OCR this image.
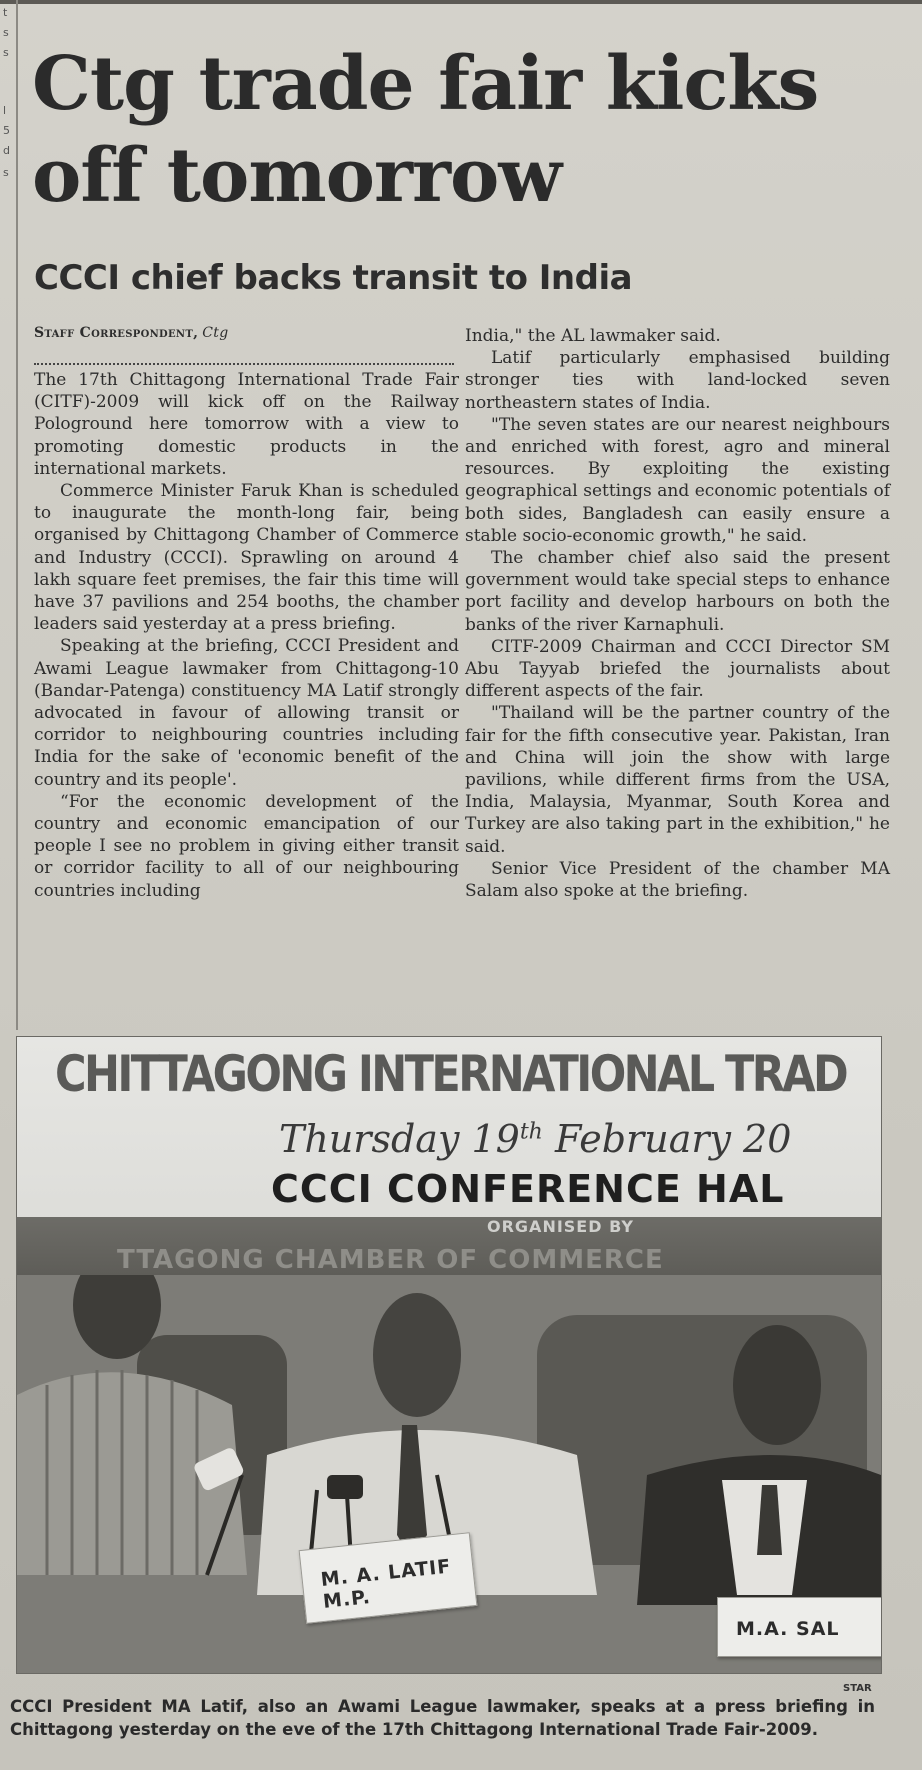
t
s
s
l
5
d
s
Ctg trade fair kicks off tomorrow
CCCI chief backs transit to India
Staff Correspondent, Ctg

The 17th Chittagong International Trade Fair (CITF)-2009 will kick off on the Railway Pologround here tomorrow with a view to promoting domestic products in the international markets.

Commerce Minister Faruk Khan is scheduled to inaugurate the month-long fair, being organised by Chittagong Chamber of Commerce and Industry (CCCI). Sprawling on around 4 lakh square feet premises, the fair this time will have 37 pavilions and 254 booths, the chamber leaders said yesterday at a press briefing.

Speaking at the briefing, CCCI President and Awami League lawmaker from Chittagong-10 (Bandar-Patenga) constituency MA Latif strongly advocated in favour of allowing transit or corridor to neighbouring countries including India for the sake of 'economic benefit of the country and its people'.

“For the economic development of the country and economic emancipation of our people I see no problem in giving either transit or corridor facility to all of our neighbouring countries including

India," the AL lawmaker said.

Latif particularly emphasised building stronger ties with land-locked seven northeastern states of India.

"The seven states are our nearest neighbours and enriched with forest, agro and mineral resources. By exploiting the existing geographical settings and economic potentials of both sides, Bangladesh can easily ensure a stable socio-economic growth," he said.

The chamber chief also said the present government would take special steps to enhance port facility and develop harbours on both the banks of the river Karnaphuli.

CITF-2009 Chairman and CCCI Director SM Abu Tayyab briefed the journalists about different aspects of the fair.

"Thailand will be the partner country of the fair for the fifth consecutive year. Pakistan, Iran and China will join the show with large pavilions, while different firms from the USA, India, Malaysia, Myanmar, South Korea and Turkey are also taking part in the exhibition," he said.

Senior Vice President of the chamber MA Salam also spoke at the briefing.

CHITTAGONG INTERNATIONAL TRAD
Thursday 19th February 20
CCCI CONFERENCE HAL
ORGANISED BY
TTAGONG CHAMBER OF COMMERCE
M. A. LATIF M.P.
M.A. SAL
STAR

CCCI President MA Latif, also an Awami League lawmaker, speaks at a press briefing in Chittagong yesterday on the eve of the 17th Chittagong International Trade Fair-2009.
